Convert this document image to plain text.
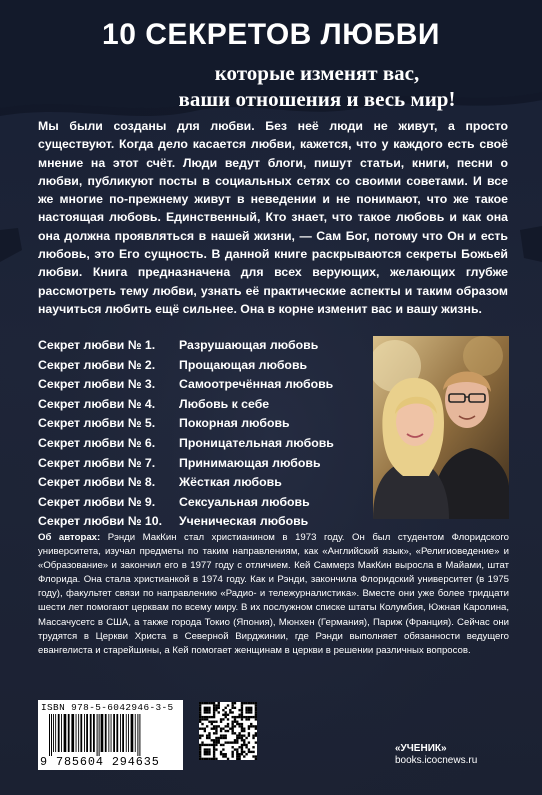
10 СЕКРЕТОВ ЛЮБВИ
которые изменят вас,
ваши отношения и весь мир!

Мы были созданы для любви. Без неё люди не живут, а просто существуют. Когда дело касается любви, кажется, что у каждого есть своё мнение на этот счёт. Люди ведут блоги, пишут статьи, книги, песни о любви, публикуют посты в социальных сетях со своими советами. И все же многие по-прежнему живут в неведении и не понимают, что же такое настоящая любовь. Единственный, Кто знает, что такое любовь и как она она должна проявляться в нашей жизни, — Сам Бог, потому что Он и есть любовь, это Его сущность. В данной книге раскрываются секреты Божьей любви. Книга предназначена для всех верующих, желающих глубже рассмотреть тему любви, узнать её практические аспекты и таким образом научиться любить ещё сильнее. Она в корне изменит вас и вашу жизнь.

Секрет любви № 1. Разрушающая любовь
Секрет любви № 2. Прощающая любовь
Секрет любви № 3. Самоотречённая любовь
Секрет любви № 4. Любовь к себе
Секрет любви № 5. Покорная любовь
Секрет любви № 6. Проницательная любовь
Секрет любви № 7. Принимающая любовь
Секрет любви № 8. Жёсткая любовь
Секрет любви № 9. Сексуальная любовь
Секрет любви № 10. Ученическая любовь

Об авторах: Рэнди МакКин стал христианином в 1973 году. Он был студентом Флоридского университета, изучал предметы по таким направлениям, как «Английский язык», «Религиоведение» и «Образование» и закончил его в 1977 году с отличием. Кей Саммерз МакКин выросла в Майами, штат Флорида. Она стала христианкой в 1974 году. Как и Рэнди, закончила Флоридский университет (в 1975 году), факультет связи по направлению «Радио- и тележурналистика». Вместе они уже более тридцати шести лет помогают церквам по всему миру. В их послужном списке штаты Колумбия, Южная Каролина, Массачусетс в США, а также города Токио (Япония), Мюнхен (Германия), Париж (Франция). Сейчас они трудятся в Церкви Христа в Северной Вирджинии, где Рэнди выполняет обязанности ведущего евангелиста и старейшины, а Кей помогает женщинам в церкви в решении различных вопросов.

ISBN 978-5-6042946-3-5
9 785604 294635
«УЧЕНИК»
books.icocnews.ru
